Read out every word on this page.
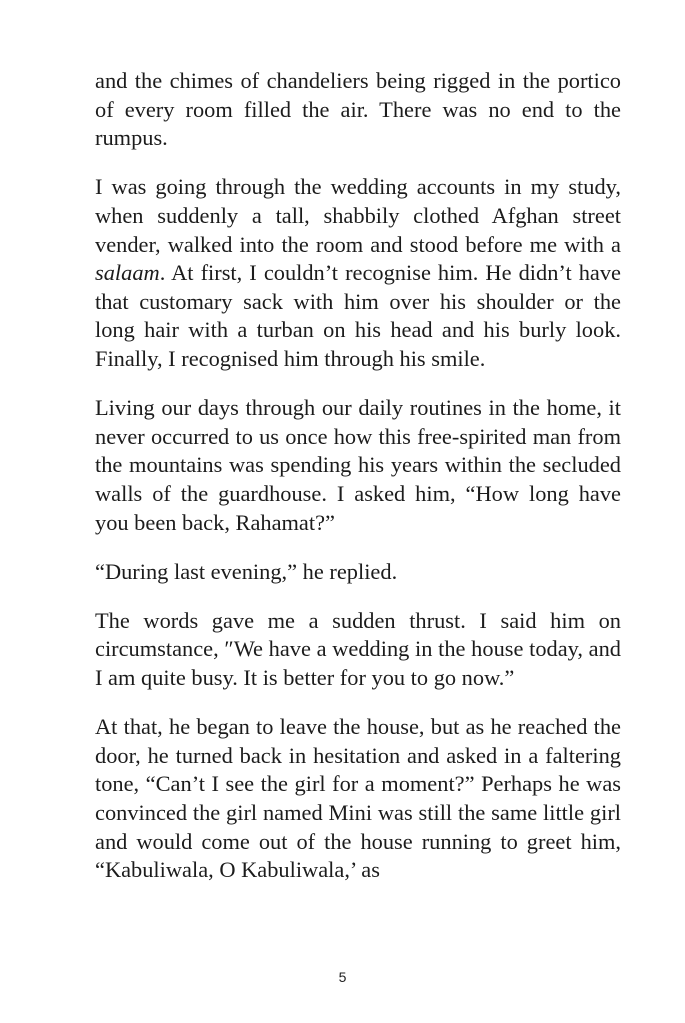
and the chimes of chandeliers being rigged in the portico of every room filled the air. There was no end to the rumpus.

I was going through the wedding accounts in my study, when suddenly a tall, shabbily clothed Afghan street vender, walked into the room and stood before me with a salaam. At first, I couldn’t recognise him. He didn’t have that customary sack with him over his shoulder or the long hair with a turban on his head and his burly look. Finally, I recognised him through his smile.

Living our days through our daily routines in the home, it never occurred to us once how this free-spirited man from the mountains was spending his years within the secluded walls of the guardhouse. I asked him, “How long have you been back, Rahamat?”

“During last evening,” he replied.

The words gave me a sudden thrust. I said him on circumstance, ″We have a wedding in the house today, and I am quite busy. It is better for you to go now.”

At that, he began to leave the house, but as he reached the door, he turned back in hesitation and asked in a faltering tone, “Can’t I see the girl for a moment?” Perhaps he was convinced the girl named Mini was still the same little girl and would come out of the house running to greet him, “Kabuliwala, O Kabuliwala,’ as

5
